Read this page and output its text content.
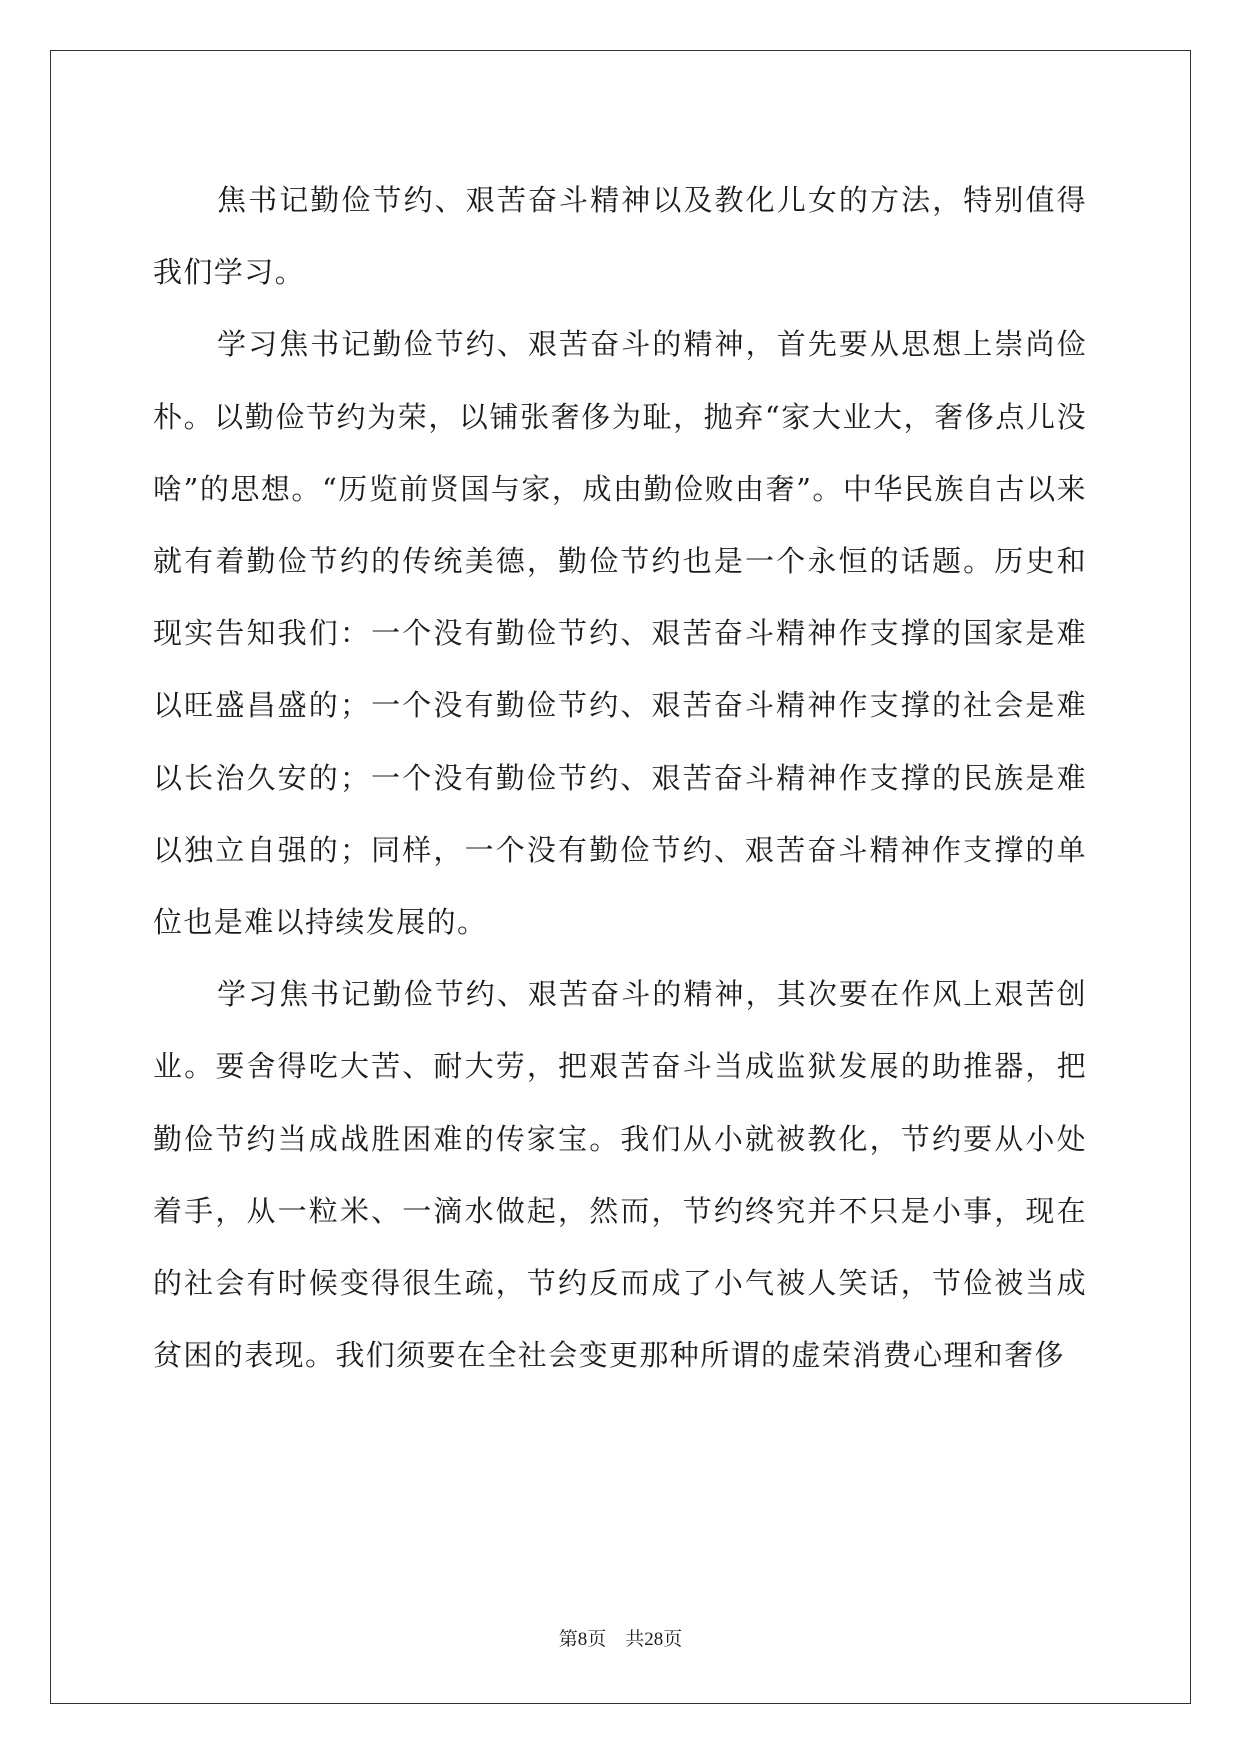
焦书记勤俭节约、艰苦奋斗精神以及教化儿女的方法，特别值得我们学习。

学习焦书记勤俭节约、艰苦奋斗的精神，首先要从思想上崇尚俭朴。以勤俭节约为荣，以铺张奢侈为耻，抛弃“家大业大，奢侈点儿没啥”的思想。“历览前贤国与家，成由勤俭败由奢”。中华民族自古以来就有着勤俭节约的传统美德，勤俭节约也是一个永恒的话题。历史和现实告知我们：一个没有勤俭节约、艰苦奋斗精神作支撑的国家是难以旺盛昌盛的；一个没有勤俭节约、艰苦奋斗精神作支撑的社会是难以长治久安的；一个没有勤俭节约、艰苦奋斗精神作支撑的民族是难以独立自强的；同样，一个没有勤俭节约、艰苦奋斗精神作支撑的单位也是难以持续发展的。

学习焦书记勤俭节约、艰苦奋斗的精神，其次要在作风上艰苦创业。要舍得吃大苦、耐大劳，把艰苦奋斗当成监狱发展的助推器，把勤俭节约当成战胜困难的传家宝。我们从小就被教化，节约要从小处着手，从一粒米、一滴水做起，然而，节约终究并不只是小事，现在的社会有时候变得很生疏，节约反而成了小气被人笑话，节俭被当成贫困的表现。我们须要在全社会变更那种所谓的虚荣消费心理和奢侈

第8页　共28页
